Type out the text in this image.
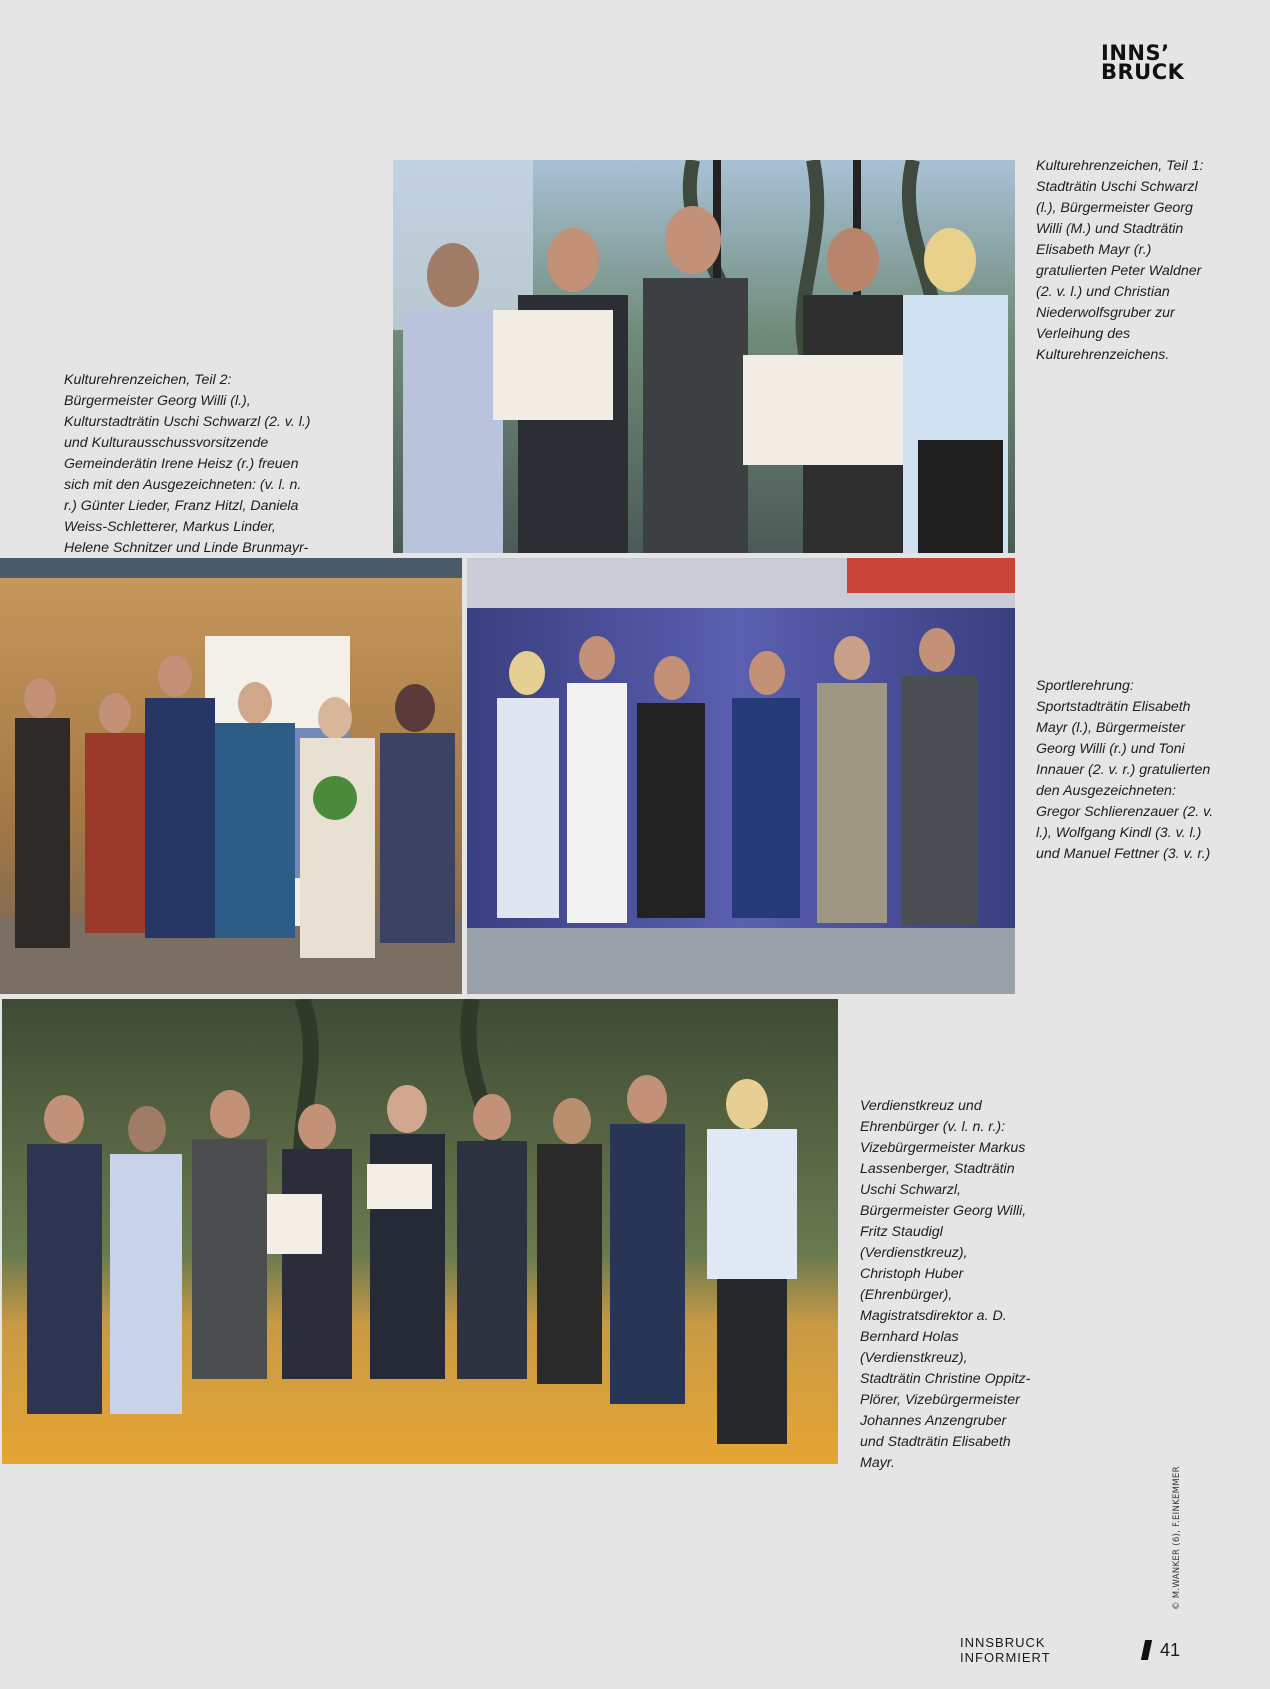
INNS’
BRUCK

Kulturehrenzeichen, Teil 1: Stadträtin Uschi Schwarzl (l.), Bürgermeister Georg Willi (M.) und Stadträtin Elisabeth Mayr (r.) gratulierten Peter Waldner (2. v. l.) und Christian Niederwolfsgruber zur Verleihung des Kulturehrenzeichens.

Kulturehrenzeichen, Teil 2: Bürgermeister Georg Willi (l.), Kulturstadträtin Uschi Schwarzl (2. v. l.) und Kulturausschussvorsitzende Gemeinderätin Irene Heisz (r.) freuen sich mit den Ausgezeichneten: (v. l. n. r.) Günter Lieder, Franz Hitzl, Daniela Weiss-Schletterer, Markus Linder, Helene Schnitzer und Linde Brunmayr-

Sportlerehrung: Sportstadträtin Elisabeth Mayr (l.), Bürgermeister Georg Willi (r.) und Toni Innauer (2. v. r.) gratulierten den Ausgezeichneten: Gregor Schlierenzauer (2. v. l.), Wolfgang Kindl (3. v. l.) und Manuel Fettner (3. v. r.)

Verdienstkreuz und Ehrenbürger (v. l. n. r.): Vizebürgermeister Markus Lassenberger, Stadträtin Uschi Schwarzl, Bürgermeister Georg Willi, Fritz Staudigl (Verdienstkreuz), Christoph Huber (Ehrenbürger), Magistratsdirektor a. D. Bernhard Holas (Verdienstkreuz), Stadträtin Christine Oppitz-Plörer, Vizebürgermeister Johannes Anzengruber und Stadträtin Elisabeth Mayr.

© M.WANKER (6), F.EINKEMMER
INNSBRUCK INFORMIERT	41
